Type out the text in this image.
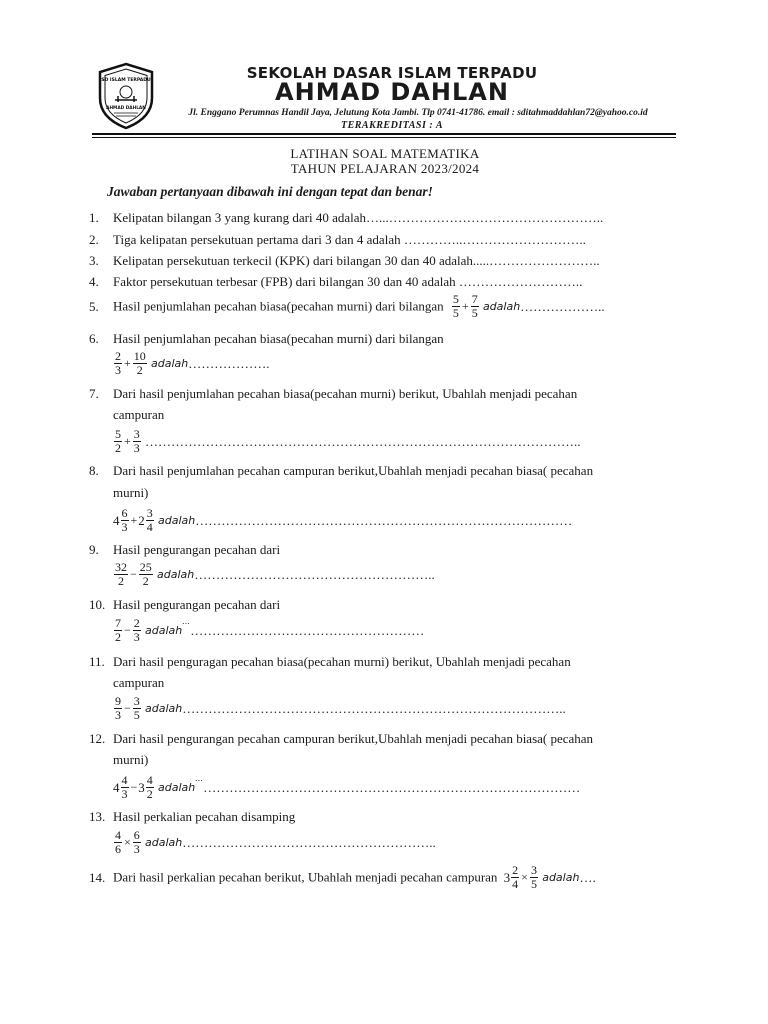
SD ISLAM TERPADU
AHMAD DAHLAN
SEKOLAH DASAR ISLAM TERPADU
AHMAD DAHLAN
Jl. Enggano Perumnas Handil Jaya, Jelutung Kota Jambi. Tlp 0741-41786. email : sditahmaddahlan72@yahoo.co.id
TERAKREDITASI : A
LATIHAN SOAL MATEMATIKA
TAHUN PELAJARAN 2023/2024
Jawaban pertanyaan dibawah ini dengan tepat dan benar!
1. Kelipatan bilangan 3 yang kurang dari 40 adalah…...…………………………………………..
2. Tiga kelipatan persekutuan pertama dari 3 dan 4 adalah …………..………………………..
3. Kelipatan persekutuan terkecil (KPK) dari bilangan 30 dan 40 adalah.....……………………..
4. Faktor persekutuan terbesar (FPB) dari bilangan 30 dan 40 adalah ………………………..
5. Hasil penjumlahan pecahan biasa(pecahan murni) dari bilangan $\frac{5}{5} + \frac{7}{5}$ adalah………………..
6. Hasil penjumlahan pecahan biasa(pecahan murni) dari bilangan
$\frac{2}{3} + \frac{10}{2}$ adalah……………….
7. Dari hasil penjumlahan pecahan biasa(pecahan murni) berikut, Ubahlah menjadi pecahan
campuran
$\frac{5}{2} + \frac{3}{3}$ ………………………………………………………………………………………..
8. Dari hasil penjumlahan pecahan campuran berikut,Ubahlah menjadi pecahan biasa( pecahan
murni)
$4 \frac{6}{3} +2 \frac{3}{4}$ adalah……………………………………………………………………………
9. Hasil pengurangan pecahan dari
$\frac{32}{2} - \frac{25}{2}$ adalah………………………………………………..
10. Hasil pengurangan pecahan dari
$\frac{7}{2} - \frac{2}{3}$ adalah…………………………………………………
11. Dari hasil penguragan pecahan biasa(pecahan murni) berikut, Ubahlah menjadi pecahan
campuran
$\frac{9}{3} - \frac{3}{5}$ adalah……………………………………………………………………………..
12. Dari hasil pengurangan pecahan campuran berikut,Ubahlah menjadi pecahan biasa( pecahan
murni)
$4 \frac{4}{3} -3 \frac{4}{2}$ adalah………………………………………………………………………………
13. Hasil perkalian pecahan disamping
$\frac{4}{6} \times \frac{6}{3}$ adalah…………………………………………………..
14. Dari hasil perkalian pecahan berikut, Ubahlah menjadi pecahan campuran $3 \frac{2}{4} \times \frac{3}{5}$ adalah….
